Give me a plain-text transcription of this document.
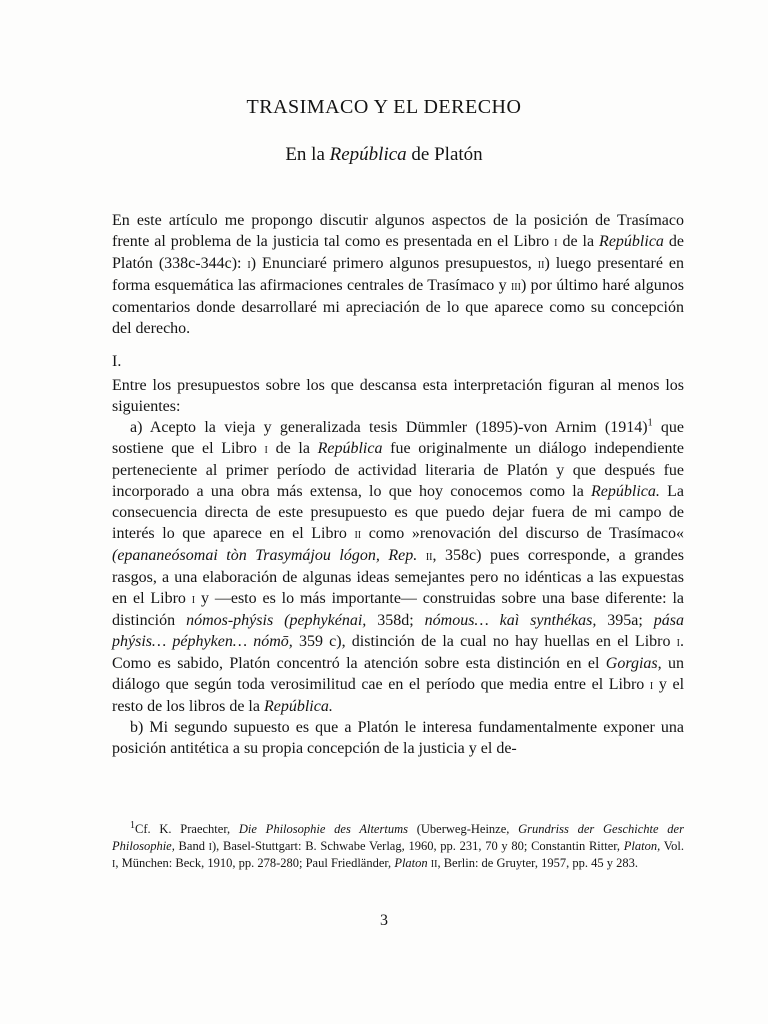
TRASIMACO Y EL DERECHO
En la República de Platón

En este artículo me propongo discutir algunos aspectos de la posición de Trasímaco frente al problema de la justicia tal como es presentada en el Libro i de la República de Platón (338c-344c): i) Enunciaré primero algunos presupuestos, ii) luego presentaré en forma esquemática las afirmaciones centrales de Trasímaco y iii) por último haré algunos comentarios donde desarrollaré mi apreciación de lo que aparece como su concepción del derecho.

I.

Entre los presupuestos sobre los que descansa esta interpretación figuran al menos los siguientes:

a) Acepto la vieja y generalizada tesis Dümmler (1895)-von Arnim $(1914)^1$ que sostiene que el Libro i de la República fue originalmente un diálogo independiente perteneciente al primer período de actividad literaria de Platón y que después fue incorporado a una obra más extensa, lo que hoy conocemos como la República. La consecuencia directa de este presupuesto es que puedo dejar fuera de mi campo de interés lo que aparece en el Libro ii como »renovación del discurso de Trasímaco« (epananeósomai tòn Trasymájou lógon, Rep. ii, 358c) pues corresponde, a grandes rasgos, a una elaboración de algunas ideas semejantes pero no idénticas a las expuestas en el Libro i y —esto es lo más importante— construidas sobre una base diferente: la distinción nómos-phýsis (pephykénai, 358d; nómous… kaì synthékas, 395a; pása phýsis… péphyken… nómō, 359 c), distinción de la cual no hay huellas en el Libro i. Como es sabido, Platón concentró la atención sobre esta distinción en el Gorgias, un diálogo que según toda verosimilitud cae en el período que media entre el Libro i y el resto de los libros de la República.

b) Mi segundo supuesto es que a Platón le interesa fundamentalmente exponer una posición antitética a su propia concepción de la justicia y el de-

$^1$Cf. K. Praechter, Die Philosophie des Altertums (Uberweg-Heinze, Grundriss der Geschichte der Philosophie, Band i), Basel-Stuttgart: B. Schwabe Verlag, 1960, pp. 231, 70 y 80; Constantin Ritter, Platon, Vol. i, München: Beck, 1910, pp. 278-280; Paul Friedländer, Platon ii, Berlin: de Gruyter, 1957, pp. 45 y 283.
3
